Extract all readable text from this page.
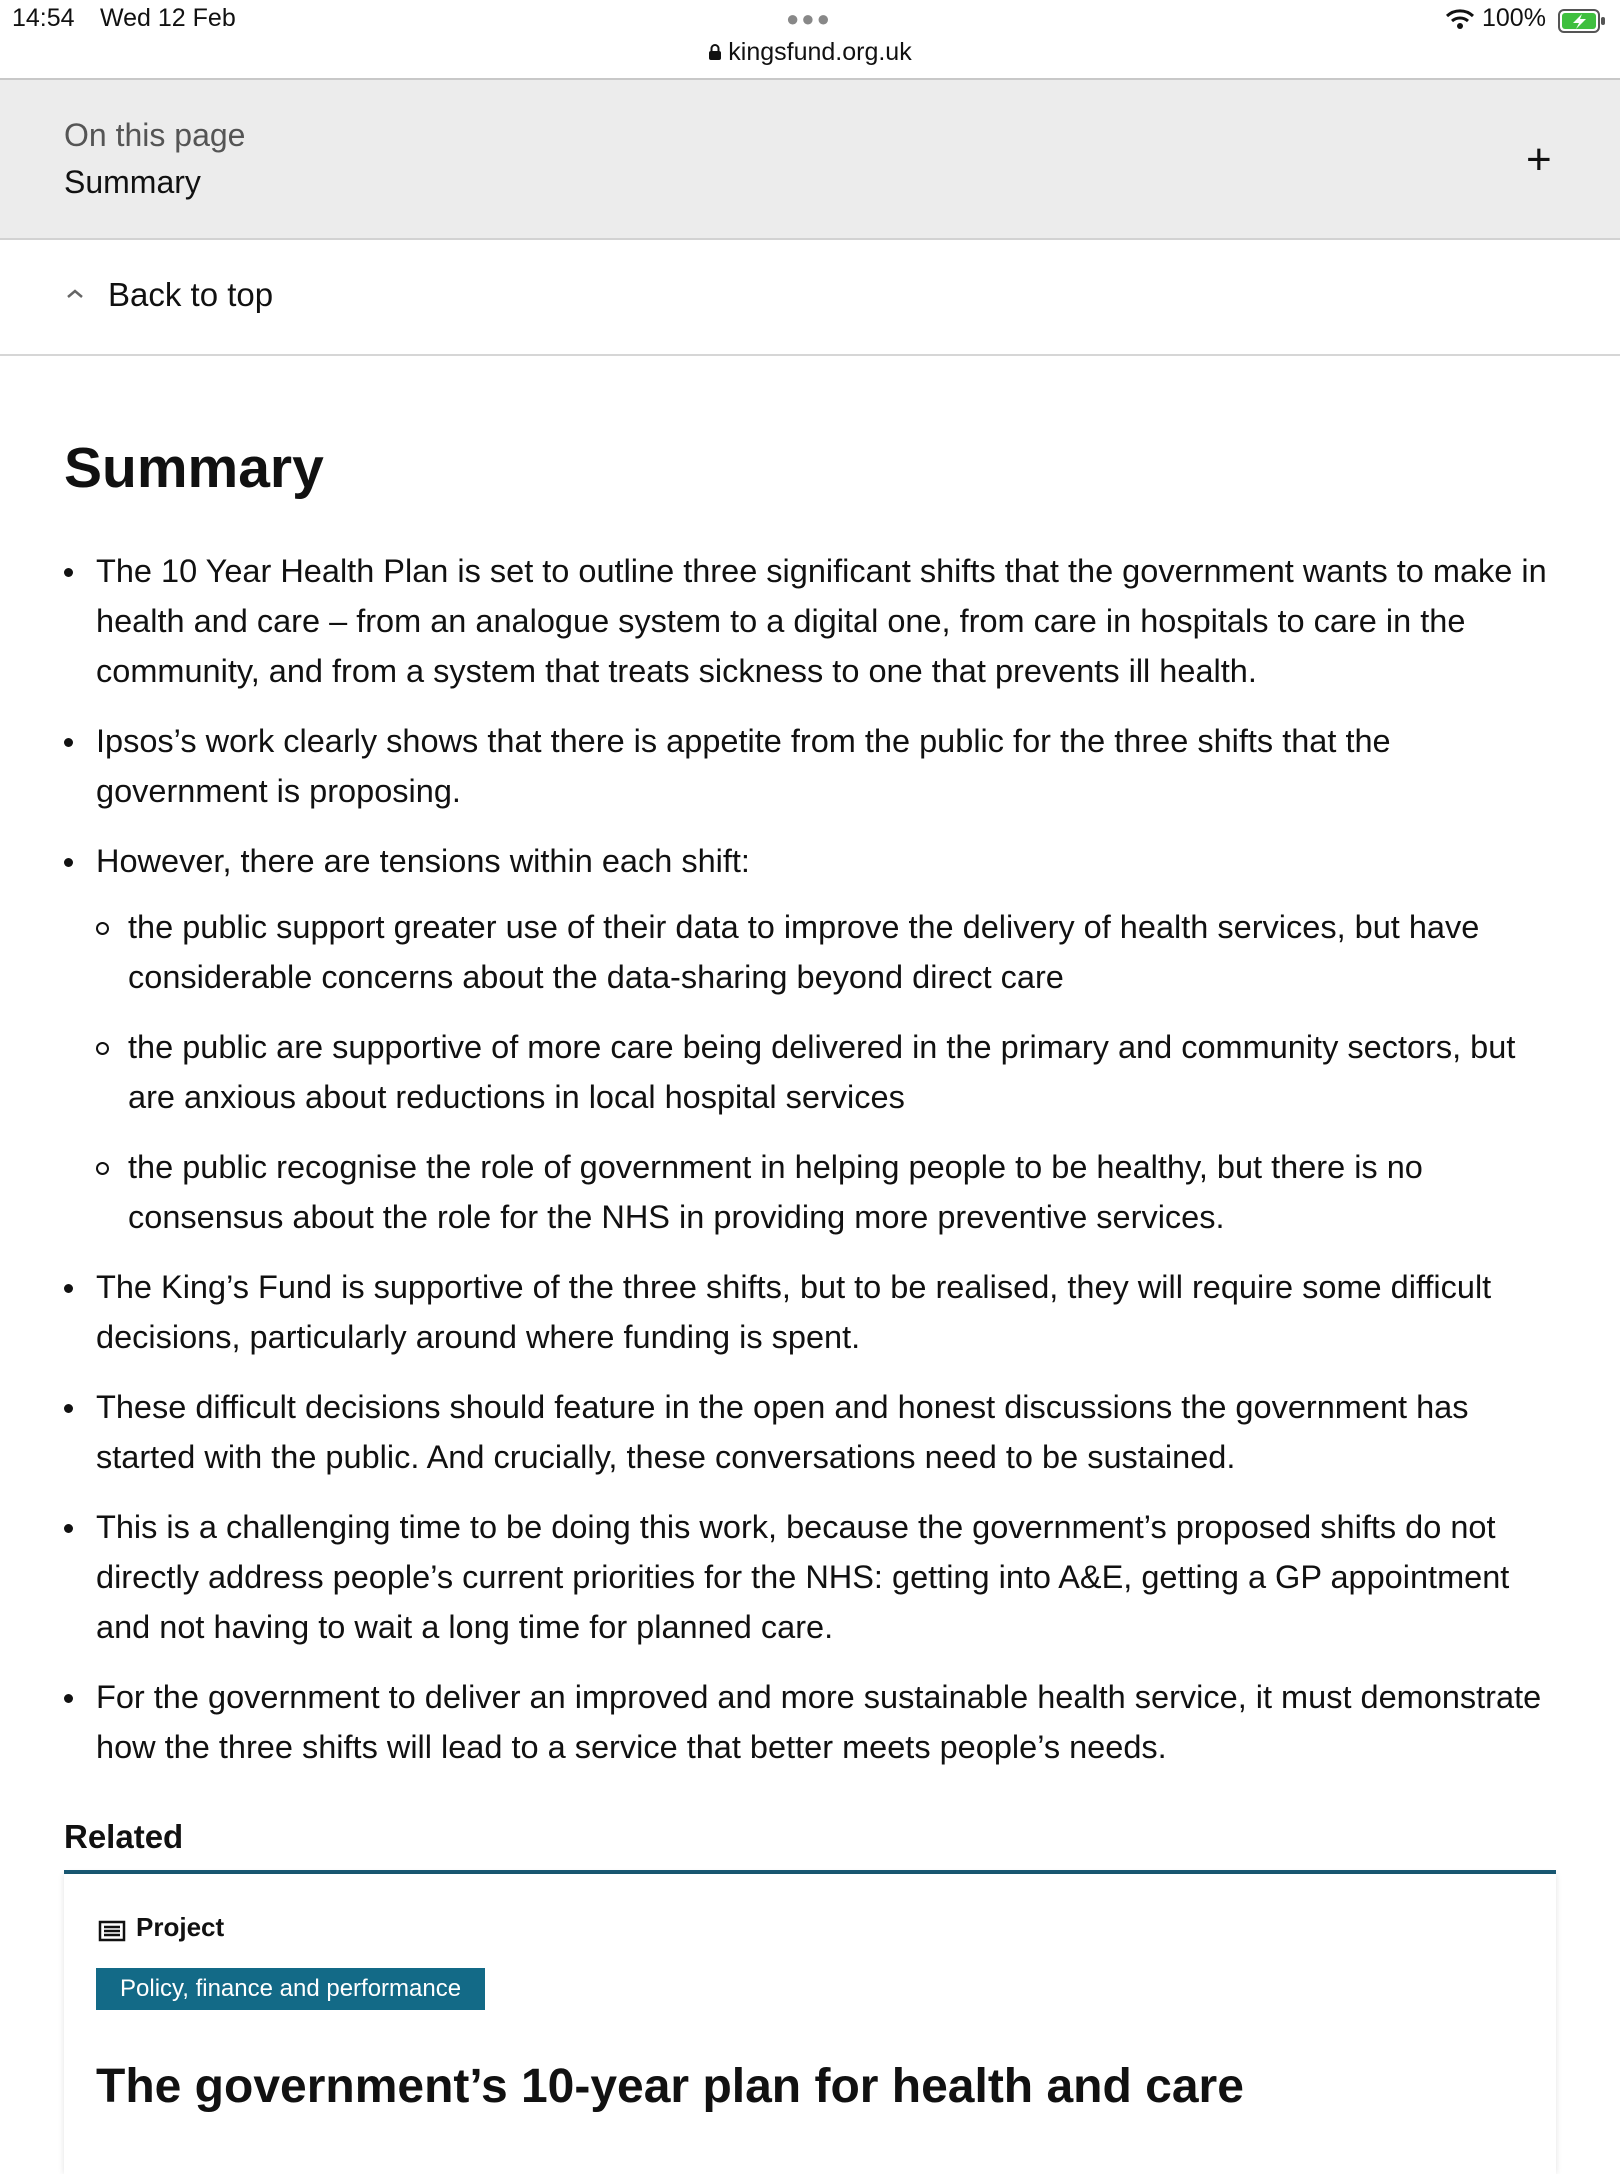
14:54 Wed 12 Feb	●●●
kingsfund.org.uk
100%
On this page
Summary	+
Back to top
Summary
The 10 Year Health Plan is set to outline three significant shifts that the government wants to make in health and care – from an analogue system to a digital one, from care in hospitals to care in the community, and from a system that treats sickness to one that prevents ill health.
Ipsos’s work clearly shows that there is appetite from the public for the three shifts that the government is proposing.
However, there are tensions within each shift:
the public support greater use of their data to improve the delivery of health services, but have considerable concerns about the data-sharing beyond direct care
the public are supportive of more care being delivered in the primary and community sectors, but are anxious about reductions in local hospital services
the public recognise the role of government in helping people to be healthy, but there is no consensus about the role for the NHS in providing more preventive services.
The King’s Fund is supportive of the three shifts, but to be realised, they will require some difficult decisions, particularly around where funding is spent.
These difficult decisions should feature in the open and honest discussions the government has started with the public. And crucially, these conversations need to be sustained.
This is a challenging time to be doing this work, because the government’s proposed shifts do not directly address people’s current priorities for the NHS: getting into A&E, getting a GP appointment and not having to wait a long time for planned care.
For the government to deliver an improved and more sustainable health service, it must demonstrate how the three shifts will lead to a service that better meets people’s needs.
Related
Project
Policy, finance and performance
The government’s 10-year plan for health and care
